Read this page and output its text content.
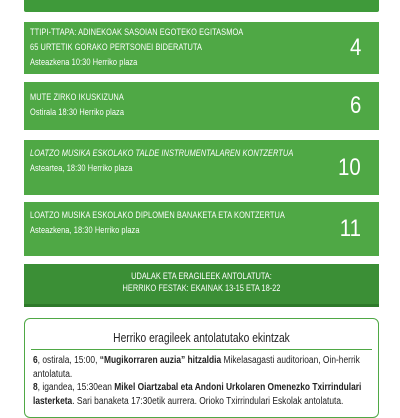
TTIPI-TTAPA: ADINEKOAK SASOIAN EGOTEKO EGITASMOA
65 URTETIK GORAKO PERTSONEI BIDERATUTA
Asteazkena 10:30 Herriko plaza
4
MUTE ZIRKO IKUSKIZUNA
Ostirala 18:30 Herriko plaza	6
LOATZO MUSIKA ESKOLAKO TALDE INSTRUMENTALAREN KONTZERTUA
Asteartea, 18:30 Herriko plaza	10
LOATZO MUSIKA ESKOLAKO DIPLOMEN BANAKETA ETA KONTZERTUA
Asteazkena, 18:30 Herriko plaza	11
UDALAK ETA ERAGILEEK ANTOLATUTA:
HERRIKO FESTAK: EKAINAK 13-15 ETA 18-22
Herriko eragileek antolatutako ekintzak
6, ostirala, 15:00, “Mugikorraren auzia” hitzaldia Mikelasagasti auditorioan, Oin-herrik antolatuta.
8, igandea, 15:30ean Mikel Oiartzabal eta Andoni Urkolaren Omenezko Txirrindulari lasterketa. Sari banaketa 17:30etik aurrera. Orioko Txirrindulari Eskolak antolatuta.
